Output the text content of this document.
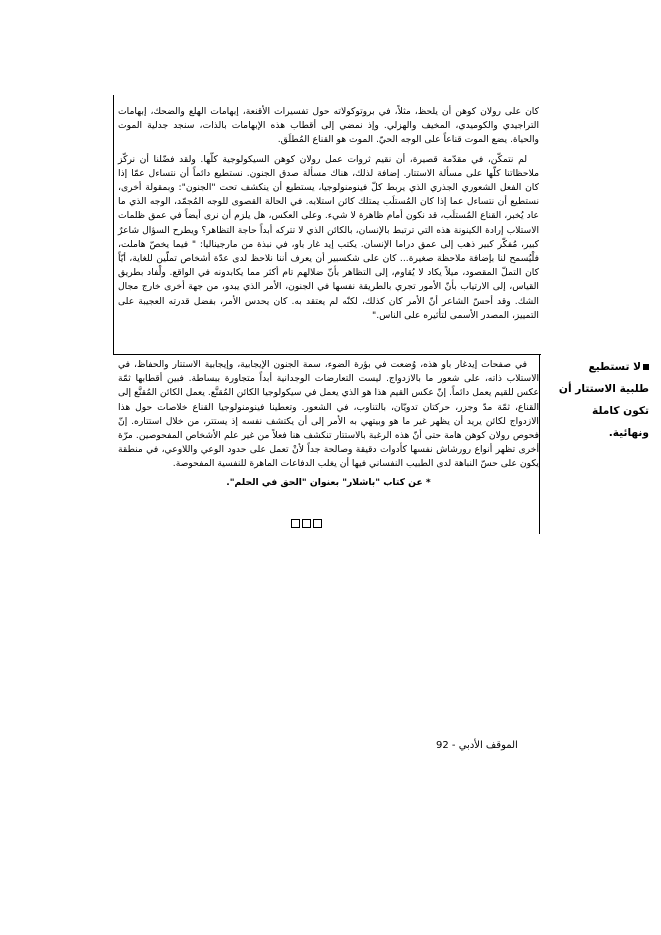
كان على رولان كوهن أن يلحظ، مثلاً، في بروتوكولاته حول تفسيرات الأقنعة، إبهامات الهلع والضحك، إبهامات التراجيدي والكوميدي، المخيف والهزلي. وإذ نمضي إلى أقطاب هذه الإبهامات بالذات، سنجد جدلية الموت والحياة. يضع الموت قناعاً على الوجه الحيّ. الموت هو القناع المُطلَق.

لم نتمكّن، في مقدّمة قصيرة، أن نقيم ثروات عمل رولان كوهن السيكولوجية كلّها. ولقد فضّلنا أن نركّز ملاحظاتنا كلّها على مسألة الاستتار. إضافة لذلك، هناك مسألة صدق الجنون. نستطيع دائماً أن نتساءل عمّا إذا كان الفعل الشعوري الجذري الذي يربط كلّ فينومنولوجيا، يستطيع أن ينكشف تحت "الجنون": وبمقولة أخرى، نستطيع أن نتساءل عما إذا كان المُستلَب يمتلك كائن استلابه. في الحالة القصوى للوجه المُجمّد، الوجه الذي ما عاد يُخبر، القناع المُستلَب، قد نكون أمام ظاهرة لا شيء. وعلى العكس، هل يلزم أن نرى أيضاً في عمق ظلمات الاستلاب إرادة الكينونة هذه التي ترتبط بالإنسان، بالكائن الذي لا تتركه أبداً حاجة التظاهر؟ ويطرح السؤال شاعرٌ كبير، مُفكّر كبير ذهب إلى عمق دراما الإنسان. يكتب إيد غار باو، في نبذة من مارجيناليا: " فيما يخصّ هاملت، فلْيُسمح لنا بإضافة ملاحظة صغيرة... كان على شكسبير أن يعرف أننا نلاحظ لدى عدّة أشخاص تملّين للغاية، أيّاً كان التملّ المقصود، ميلاً يكاد لا يُقاوم، إلى التظاهر بأنّ ضلالهم تام أكثر مما يكابدونه في الواقع. ولْفاد بطريق القياس، إلى الارتياب بأنّ الأمور تجري بالطريقة نفسها في الجنون، الأمر الذي يبدو، من جهة أخرى خارج مجال الشك. وقد أحسّ الشاعر أنّ الأمر كان كذلك، لكنّه لم يعتقد به. كان يحدس الأمر، بفضل قدرته العجيبة على التمييز، المصدر الأسمى لتأثيره على الناس."

في صفحات إيدغار باو هذه، وُضعت في بؤرة الضوء، سمة الجنون الإيجابية، وإيجابية الاستتار والحفاظ، في الاستلاب ذاته، على شعور ما بالازدواج. ليست التعارضات الوجدانية أبداً متجاورة ببساطة. فبين أقطابها ثمّة عكس للقيم يعمل دائماً. إنّ عكس القيم هذا هو الذي يعمل في سيكولوجيا الكائن المُقنَّع. يعمل الكائن المُقنَّع إلى القناع، ثمّة مدّ وجزر، حركتان تدويّان، بالتناوب، في الشعور. وتعطينا فينومنولوجيا القناع خلاصات حول هذا الازدواج لكائن يريد أن يظهر غير ما هو وبيتهي به الأمر إلى أن يكتشف نفسه إذ يستتر، من خلال استتاره. إنّ فحوص رولان كوهن هامة حتى أنّ هذه الرغبة بالاستتار تنكشف هنا فعلاً من غير علم الأشخاص المفحوصين. مرّة أخرى تظهر أنواع رورشاش نفسها كأدوات دقيقة وصالحة جداً لأنْ تعمل على حدود الوعي واللاوعي، في منطقة يكون على حسّ النباهة لدى الطبيب النفساني فيها أن يغلب الدفاعات الماهرة للنفسية المفحوصة.

* عن كتاب "باشلار" بعنوان "الحق في الحلم".

لا تستطيع
طلبية الاستتار أن
تكون كاملة
ونهائية.
الموقف الأدبي - 92
